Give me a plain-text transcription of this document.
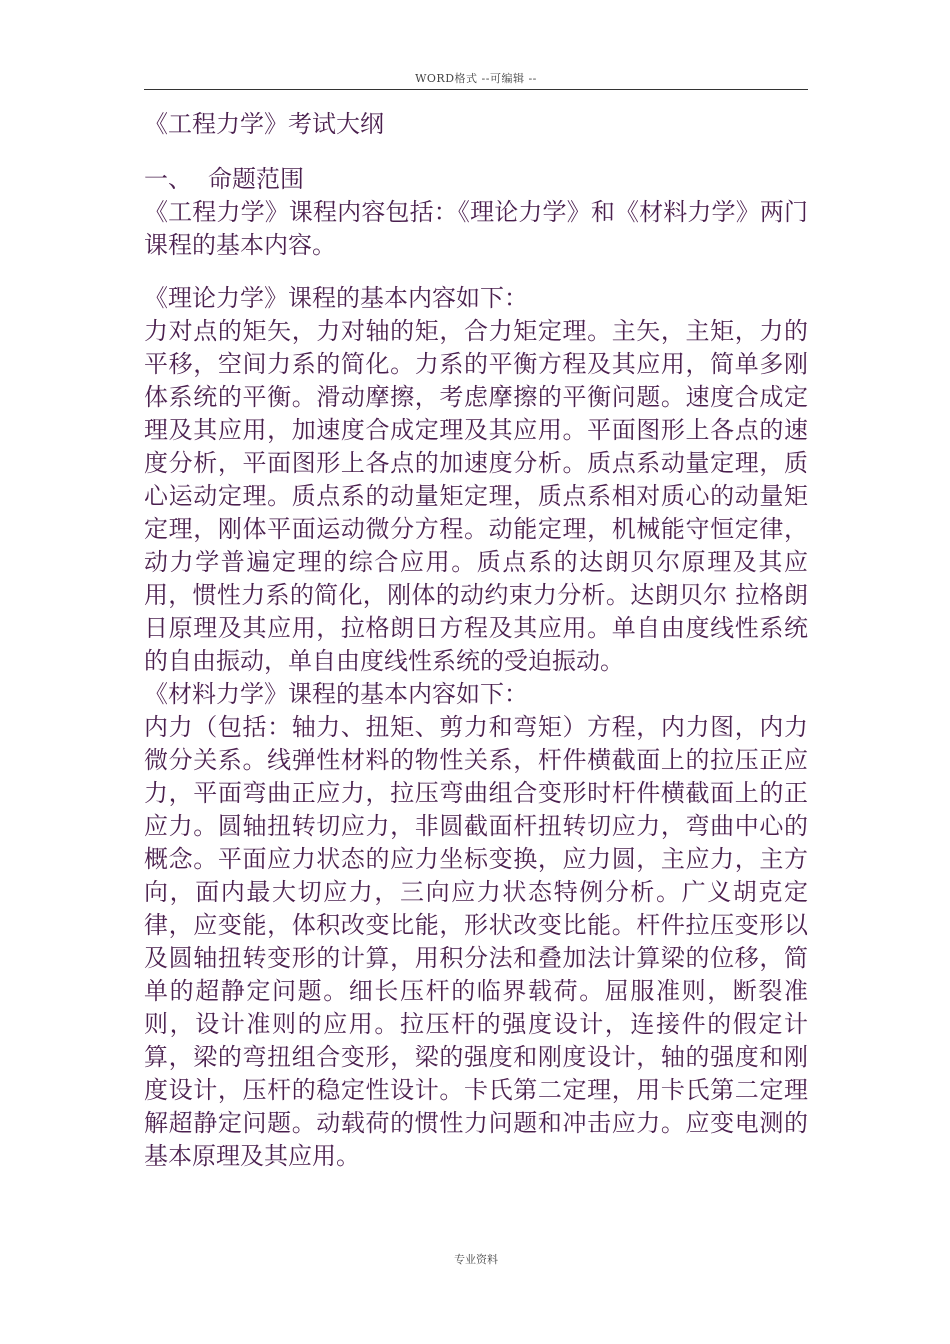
WORD格式 --可编辑 --
《工程力学》考试大纲
一、 命题范围

《工程力学》课程内容包括：《理论力学》和《材料力学》两门课程的基本内容。

《理论力学》课程的基本内容如下：

力对点的矩矢，力对轴的矩，合力矩定理。主矢，主矩，力的平移，空间力系的简化。力系的平衡方程及其应用，简单多刚体系统的平衡。滑动摩擦，考虑摩擦的平衡问题。速度合成定理及其应用，加速度合成定理及其应用。平面图形上各点的速度分析，平面图形上各点的加速度分析。质点系动量定理，质心运动定理。质点系的动量矩定理，质点系相对质心的动量矩定理，刚体平面运动微分方程。动能定理，机械能守恒定律，动力学普遍定理的综合应用。质点系的达朗贝尔原理及其应用，惯性力系的简化，刚体的动约束力分析。达朗贝尔 拉格朗日原理及其应用，拉格朗日方程及其应用。单自由度线性系统的自由振动，单自由度线性系统的受迫振动。

《材料力学》课程的基本内容如下：

内力（包括：轴力、扭矩、剪力和弯矩）方程，内力图，内力微分关系。线弹性材料的物性关系，杆件横截面上的拉压正应力，平面弯曲正应力，拉压弯曲组合变形时杆件横截面上的正应力。圆轴扭转切应力，非圆截面杆扭转切应力，弯曲中心的概念。平面应力状态的应力坐标变换，应力圆，主应力，主方向，面内最大切应力，三向应力状态特例分析。广义胡克定律，应变能，体积改变比能，形状改变比能。杆件拉压变形以及圆轴扭转变形的计算，用积分法和叠加法计算梁的位移，简单的超静定问题。细长压杆的临界载荷。屈服准则，断裂准则，设计准则的应用。拉压杆的强度设计，连接件的假定计算，梁的弯扭组合变形，梁的强度和刚度设计，轴的强度和刚度设计，压杆的稳定性设计。卡氏第二定理，用卡氏第二定理解超静定问题。动载荷的惯性力问题和冲击应力。应变电测的基本原理及其应用。

专业资料
